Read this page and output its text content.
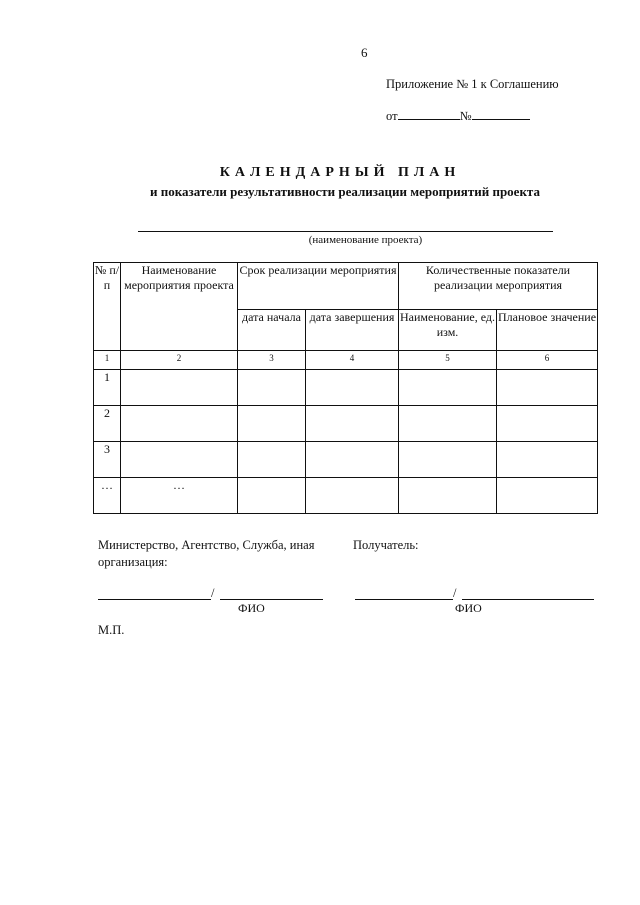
6
Приложение № 1 к Соглашению
от	№
КАЛЕНДАРНЫЙ ПЛАН
и показатели результативности реализации мероприятий проекта
(наименование проекта)
№ п/п	Наименование мероприятия проекта	Срок реализации мероприятия		Количественные показатели реализации мероприятия	
		дата начала	дата завершения	Наименование, ед. изм.	Плановое значение
1	2	3	4	5	6
1					
2					
3					
…	…				
Министерство, Агентство, Служба, иная организация:
Получатель:
/
ФИО
/
ФИО
М.П.
